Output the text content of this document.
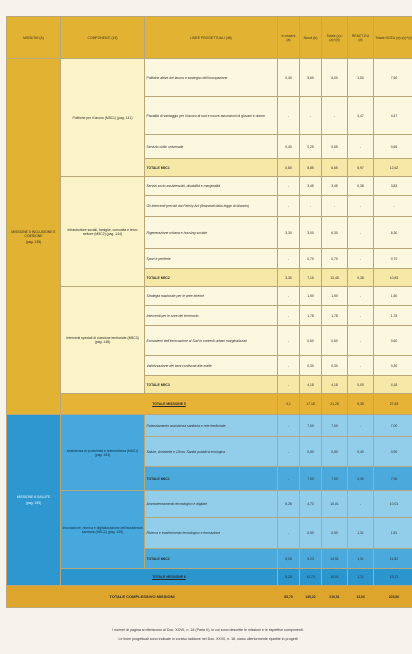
MISSIONI (A)	COMPONENTI (15)	LINEE PROGETTUALI (48)	In essere (a)	Nuovi (b)	Totale (c)=(a)+(b)	REACT-EU (d)	Totale NGEU (e)=(c)+(d)

MISSIONE 5 INCLUSIONE E COESIONE
(pag. 135)	Politiche per il lavoro (M5C1) (pag. 141)	Politiche attive del lavoro e sostegno dell'occupazione	0,40	5,60	6,00	1,50	7,50
		Fiscalità di vantaggio per il lavoro al sud e nuove assunzioni di giovani e donne	-	-	-	4,47	4,47
		Servizio civile universale	0,40	0,25	0,65	-	0,65
		TOTALE M5C1	0,80	5,85	6,65	5,97	12,62
	Infrastrutture sociali, famiglie, comunità e terzo settore (M5C2) (pag. 144)	Servizi socio assistenziali, disabilità e marginalità	-	3,45	3,45	0,38	3,83
		Gli interventi previsti dal Family Act (finanziati dalla legge di bilancio)	-	-	-	-	-
		Rigenerazione urbana e housing sociale	3,30	3,00	6,30	-	6,30
		Sport e periferie	-	0,70	0,70	-	0,70
		TOTALE M5C2	3,30	7,15	10,45	0,38	10,83
	Interventi speciali di coesione territoriale (M5C3) (pag. 148)	Strategia nazionale per le aree interne	-	1,50	1,50	-	1,50
		Interventi per le aree del terremoto	-	1,78	1,78	-	1,78
		Ecosistemi dell'innovazione al Sud in contesti urbani marginalizzati	-	0,60	0,60	-	0,60
		Valorizzazione dei beni confiscati alle mafie	-	0,30	0,30	-	0,30
		TOTALE M5C3	-	4,18	4,18	0,00	4,18
	TOTALE MISSIONE 5		4,1	17,18	21,28	6,35	27,63

MISSIONE 6 SALUTE
(pag. 150)	Assistenza di prossimità e telemedicina (M6C1) (pag. 153)	Potenziamento assistenza sanitaria e rete territoriale	-	7,00	7,00	-	7,00
		Salute, Ambiente e Clima. Sanità pubblica ecologica	-	0,50	0,50	0,40	0,90
		TOTALE M6C1	-	7,50	7,50	0,40	7,90
	Innovazione, ricerca e digitalizzazione dell'assistenza sanitaria (M6C2) (pag. 159)	Ammodernamento tecnologico e digitale	5,28	4,73	10,01	-	10,01
		Ricerca e trasferimento tecnologico e formazione	-	0,50	0,50	1,31	1,81
		TOTALE M6C2	5,28	5,23	10,51	1,31	11,82
	TOTALE MISSIONE 6		5,28	12,73	18,01	1,71	19,72
TOTALE COMPLESSIVO MISSIONI			65,70	145,22	210,91	13,00	223,90
I numeri di pagina si riferiscono al Doc. XXVII, n. 18 (Parte II), in cui sono descritte le missioni e le rispettive componenti.
Le linee progettuali sono indicate in corsivo laddove nel Doc. XXVII, n. 18, siano ulteriormente ripartite in progetti
